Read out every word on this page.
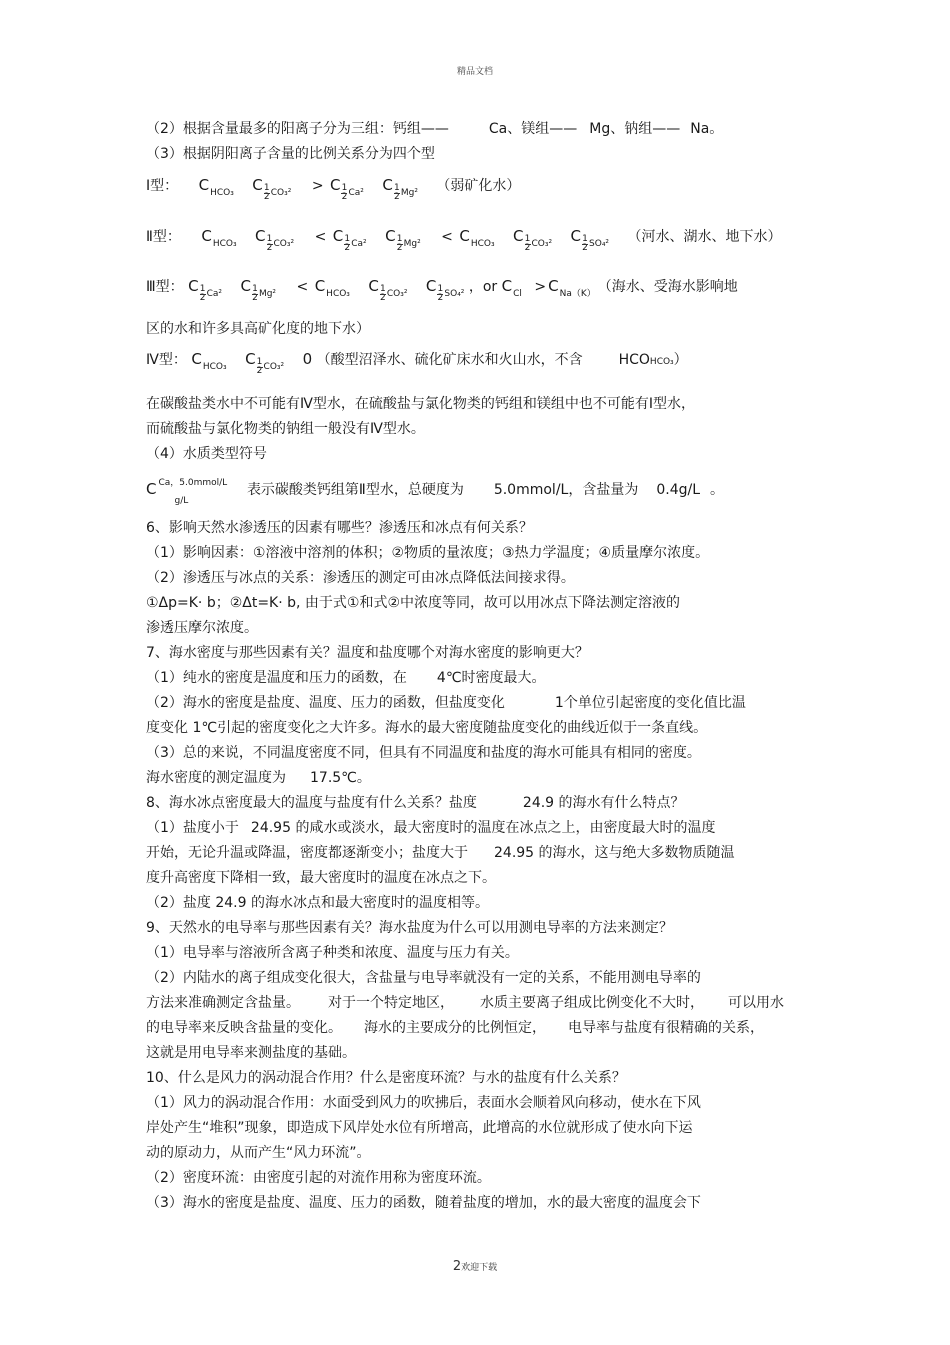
精品文档
（2）根据含量最多的阳离子分为三组：钙组——	Ca、镁组—— Mg、钠组—— Na。
（3）根据阴阳离子含量的比例关系分为四个型
Ⅰ型： $C_{HCO_3}$ C1
$2_{CO_3^2} > C1$
$2_{Ca^2}$ C1
$2_{Mg^2}$ （弱矿化水）
Ⅱ型： $C_{HCO_3}$ C1
$2_{CO_3^2} < C1$
$2_{Ca^2}$ C1
$2_{Mg^2} < C_{HCO_3}$ C1
$2_{CO_3^2}$ C1
$2_{SO_4^2}$ （河水、湖水、地下水）
Ⅲ型： C1
$2_{Ca^2}$ C1
$2_{Mg^2} < C_{HCO_3}$ C1
$2_{CO_3^2}$ C1
$2_{SO_4^2}$ ，or $C_{Cl} > C_{Na(K)}$ （海水、受海水影响地
区的水和许多具高矿化度的地下水）
Ⅳ型： $C_{HCO_3}$ C1
$2_{CO_3^2}$ 0 （酸型沼泽水、硫化矿床水和火山水，不含	HCOHCO₃）
在碳酸盐类水中不可能有Ⅳ型水，在硫酸盐与氯化物类的钙组和镁组中也不可能有Ⅰ型水，
而硫酸盐与氯化物类的钠组一般没有Ⅳ型水。
（4）水质类型符号
C Ca，5.0mmol/L
g/L
表示碳酸类钙组第Ⅱ型水，总硬度为 5.0mmol/L，含盐量为 0.4g/L 。
6、影响天然水渗透压的因素有哪些？渗透压和冰点有何关系？
（1）影响因素：①溶液中溶剂的体积；②物质的量浓度；③热力学温度；④质量摩尔浓度。
（2）渗透压与冰点的关系：渗透压的测定可由冰点降低法间接求得。
①Δp=K· b；②Δt=K· b, 由于式①和式②中浓度等同，故可以用冰点下降法测定溶液的
渗透压摩尔浓度。
7、海水密度与那些因素有关？温度和盐度哪个对海水密度的影响更大？
（1）纯水的密度是温度和压力的函数，在 4℃时密度最大。
（2）海水的密度是盐度、温度、压力的函数，但盐度变化	1个单位引起密度的变化值比温
度变化 1℃引起的密度变化之大许多。海水的最大密度随盐度变化的曲线近似于一条直线。
（3）总的来说，不同温度密度不同，但具有不同温度和盐度的海水可能具有相同的密度。
海水密度的测定温度为 17.5℃。
8、海水冰点密度最大的温度与盐度有什么关系？盐度	24.9 的海水有什么特点？
（1）盐度小于 24.95 的咸水或淡水，最大密度时的温度在冰点之上，由密度最大时的温度
开始，无论升温或降温，密度都逐渐变小；盐度大于 24.95 的海水，这与绝大多数物质随温
度升高密度下降相一致，最大密度时的温度在冰点之下。
（2）盐度 24.9 的海水冰点和最大密度时的温度相等。
9、天然水的电导率与那些因素有关？海水盐度为什么可以用测电导率的方法来测定？
（1）电导率与溶液所含离子种类和浓度、温度与压力有关。
（2）内陆水的离子组成变化很大，含盐量与电导率就没有一定的关系，不能用测电导率的
方法来准确测定含盐量。 对于一个特定地区， 水质主要离子组成比例变化不大时， 可以用水
的电导率来反映含盐量的变化。 海水的主要成分的比例恒定， 电导率与盐度有很精确的关系，
这就是用电导率来测盐度的基础。
10、什么是风力的涡动混合作用？什么是密度环流？与水的盐度有什么关系？
（1）风力的涡动混合作用：水面受到风力的吹拂后，表面水会顺着风向移动，使水在下风
岸处产生“堆积”现象，即造成下风岸处水位有所增高，此增高的水位就形成了使水向下运
动的原动力，从而产生“风力环流”。
（2）密度环流：由密度引起的对流作用称为密度环流。
（3）海水的密度是盐度、温度、压力的函数，随着盐度的增加，水的最大密度的温度会下
2欢迎下载
